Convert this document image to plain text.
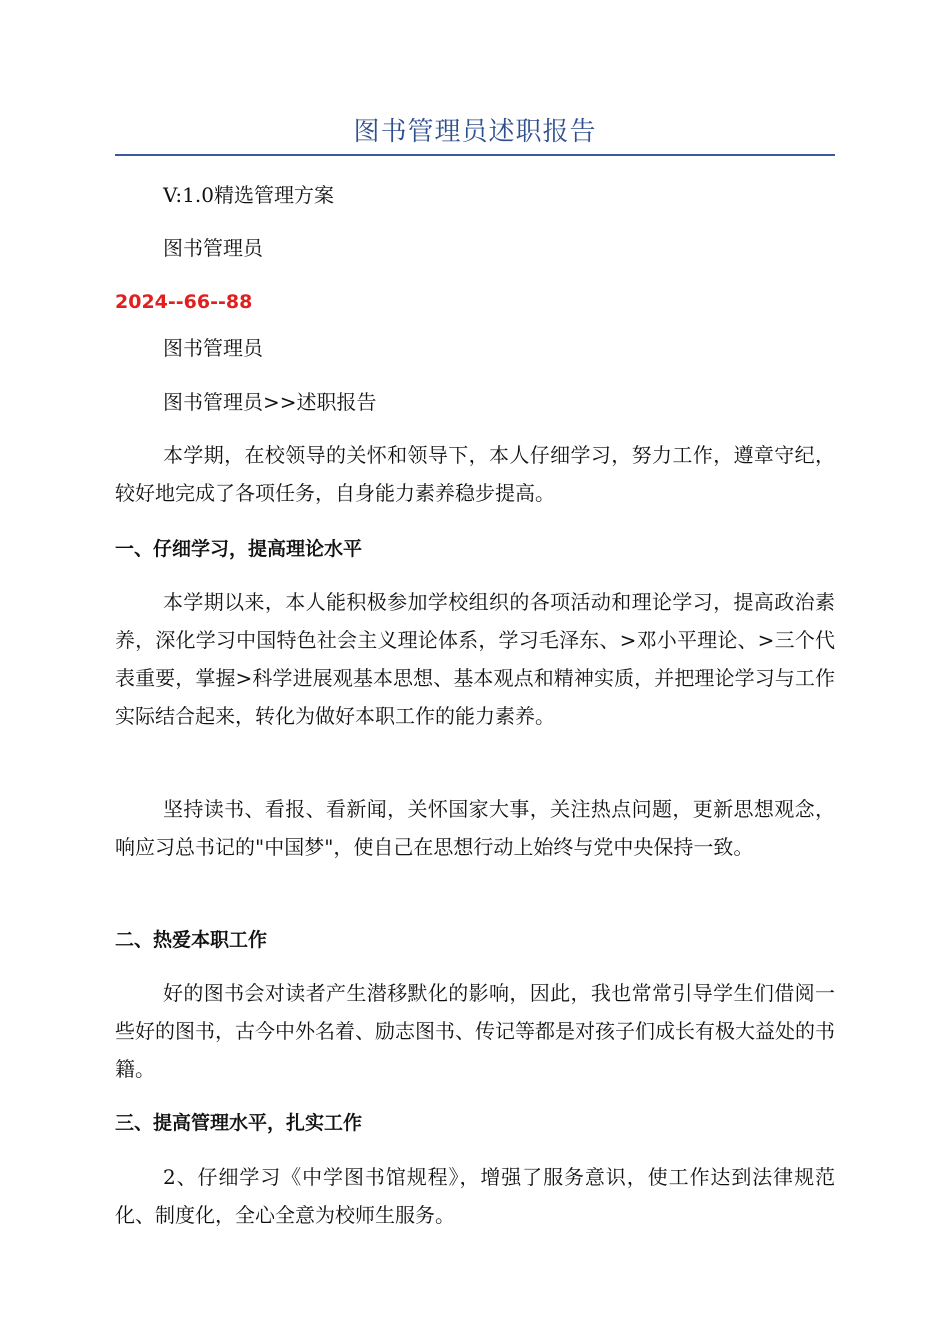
图书管理员述职报告
V:1.0精选管理方案
图书管理员
2024--66--88
图书管理员
图书管理员>>述职报告
本学期，在校领导的关怀和领导下，本人仔细学习，努力工作，遵章守纪，较好地完成了各项任务，自身能力素养稳步提高。
一、仔细学习，提高理论水平
本学期以来，本人能积极参加学校组织的各项活动和理论学习，提高政治素养，深化学习中国特色社会主义理论体系，学习毛泽东、>邓小平理论、>三个代表重要，掌握>科学进展观基本思想、基本观点和精神实质，并把理论学习与工作实际结合起来，转化为做好本职工作的能力素养。
坚持读书、看报、看新闻，关怀国家大事，关注热点问题，更新思想观念，响应习总书记的"中国梦"，使自己在思想行动上始终与党中央保持一致。
二、热爱本职工作
好的图书会对读者产生潜移默化的影响，因此，我也常常引导学生们借阅一些好的图书，古今中外名着、励志图书、传记等都是对孩子们成长有极大益处的书籍。
三、提高管理水平，扎实工作
2、仔细学习《中学图书馆规程》，增强了服务意识，使工作达到法律规范化、制度化，全心全意为校师生服务。
